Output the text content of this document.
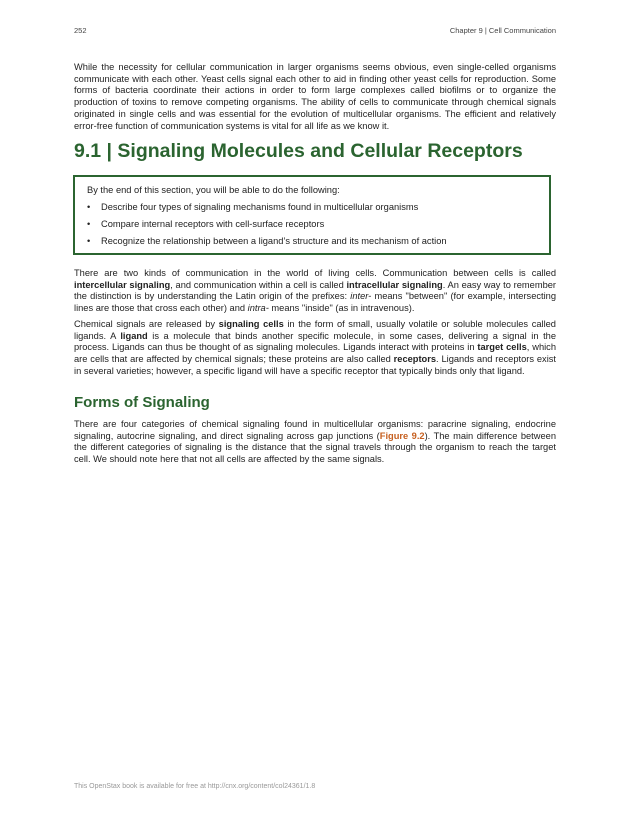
252	Chapter 9 | Cell Communication

While the necessity for cellular communication in larger organisms seems obvious, even single-celled organisms communicate with each other. Yeast cells signal each other to aid in finding other yeast cells for reproduction. Some forms of bacteria coordinate their actions in order to form large complexes called biofilms or to organize the production of toxins to remove competing organisms. The ability of cells to communicate through chemical signals originated in single cells and was essential for the evolution of multicellular organisms. The efficient and relatively error-free function of communication systems is vital for all life as we know it.

9.1 | Signaling Molecules and Cellular Receptors
By the end of this section, you will be able to do the following:
• Describe four types of signaling mechanisms found in multicellular organisms
• Compare internal receptors with cell-surface receptors
• Recognize the relationship between a ligand’s structure and its mechanism of action

There are two kinds of communication in the world of living cells. Communication between cells is called intercellular signaling, and communication within a cell is called intracellular signaling. An easy way to remember the distinction is by understanding the Latin origin of the prefixes: inter- means "between" (for example, intersecting lines are those that cross each other) and intra- means "inside" (as in intravenous).

Chemical signals are released by signaling cells in the form of small, usually volatile or soluble molecules called ligands. A ligand is a molecule that binds another specific molecule, in some cases, delivering a signal in the process. Ligands can thus be thought of as signaling molecules. Ligands interact with proteins in target cells, which are cells that are affected by chemical signals; these proteins are also called receptors. Ligands and receptors exist in several varieties; however, a specific ligand will have a specific receptor that typically binds only that ligand.

Forms of Signaling

There are four categories of chemical signaling found in multicellular organisms: paracrine signaling, endocrine signaling, autocrine signaling, and direct signaling across gap junctions (Figure 9.2). The main difference between the different categories of signaling is the distance that the signal travels through the organism to reach the target cell. We should note here that not all cells are affected by the same signals.

This OpenStax book is available for free at http://cnx.org/content/col24361/1.8
